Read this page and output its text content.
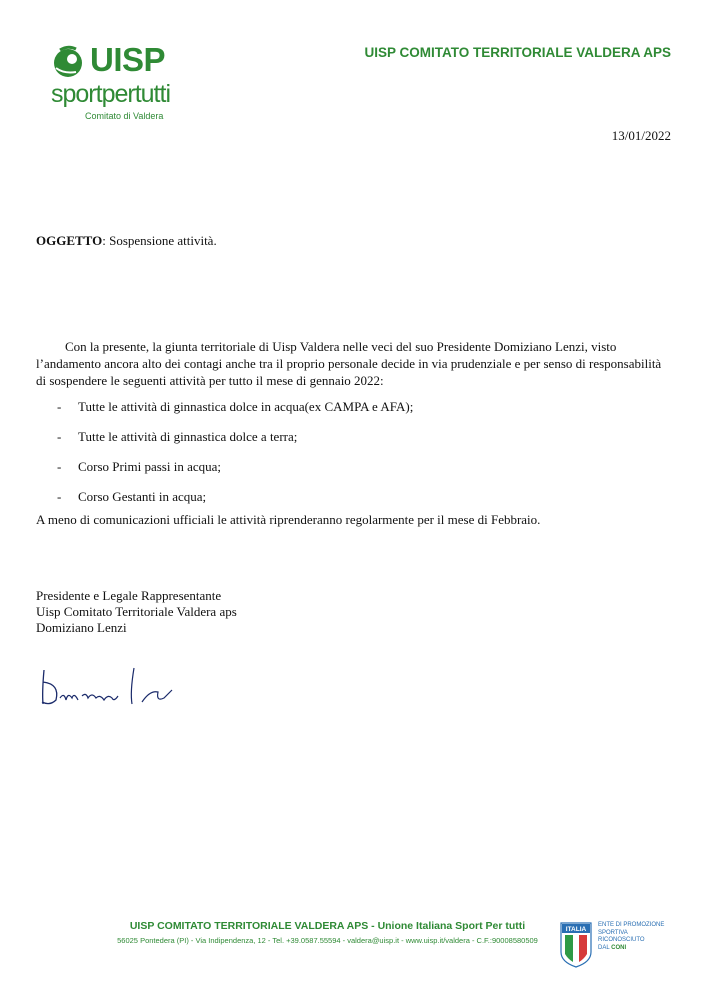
UISP
sportpertutti
Comitato di Valdera
UISP COMITATO TERRITORIALE VALDERA APS
13/01/2022
OGGETTO: Sospensione attività.

Con la presente, la giunta territoriale di Uisp Valdera nelle veci del suo Presidente Domiziano Lenzi, visto l’andamento ancora alto dei contagi anche tra il proprio personale decide in via prudenziale e per senso di responsabilità di sospendere le seguenti attività per tutto il mese di gennaio 2022:

- Tutte le attività di ginnastica dolce in acqua(ex CAMPA e AFA);
- Tutte le attività di ginnastica dolce a terra;
- Corso Primi passi in acqua;
- Corso Gestanti in acqua;
A meno di comunicazioni ufficiali le attività riprenderanno regolarmente per il mese di Febbraio.
Presidente e Legale Rappresentante
Uisp Comitato Territoriale Valdera aps
Domiziano Lenzi
UISP COMITATO TERRITORIALE VALDERA APS - Unione Italiana Sport Per tutti
56025 Pontedera (PI) - Via Indipendenza, 12 - Tel. +39.0587.55594 - valdera@uisp.it - www.uisp.it/valdera - C.F.:90008580509
ITALIA
ENTE DI PROMOZIONE
SPORTIVA
RICONOSCIUTO
DAL CONI
